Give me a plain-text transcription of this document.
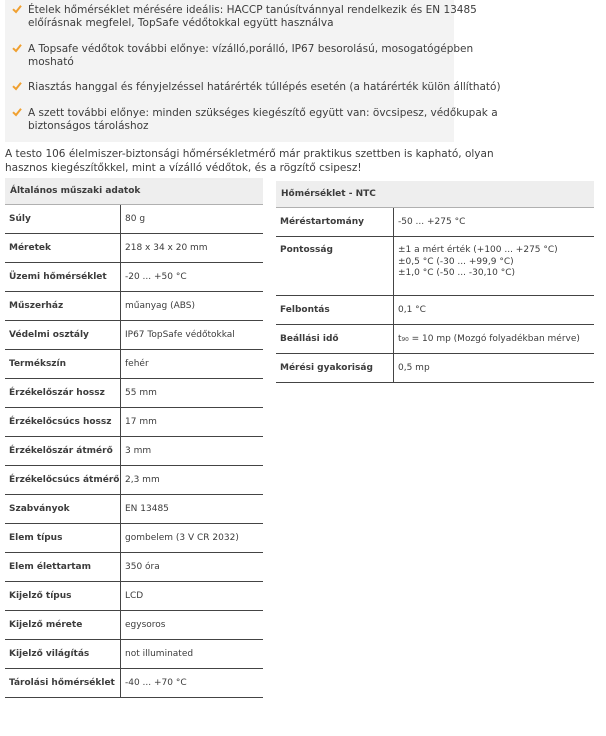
Ételek hőmérséklet mérésére ideális: HACCP tanúsítvánnyal rendelkezik és EN 13485
előírásnak megfelel, TopSafe védőtokkal együtt használva
A Topsafe védőtok további előnye: vízálló,porálló, IP67 besorolású, mosogatógépben
mosható
Riasztás hanggal és fényjelzéssel határérték túllépés esetén (a határérték külön állítható)
A szett további előnye: minden szükséges kiegészítő együtt van: övcsipesz, védőkupak a
biztonságos tároláshoz
A testo 106 élelmiszer-biztonsági hőmérsékletmérő már praktikus szettben is kapható, olyan
hasznos kiegészítőkkel, mint a vízálló védőtok, és a rögzítő csipesz!
Általános műszaki adatok	
Súly	80 g
Méretek	218 x 34 x 20 mm
Üzemi hőmérséklet	-20 ... +50 °C
Műszerház	műanyag (ABS)
Védelmi osztály	IP67 TopSafe védőtokkal
Termékszín	fehér
Érzékelőszár hossz	55 mm
Érzékelőcsúcs hossz	17 mm
Érzékelőszár átmérő	3 mm
Érzékelőcsúcs átmérő	2,3 mm
Szabványok	EN 13485
Elem típus	gombelem (3 V CR 2032)
Elem élettartam	350 óra
Kijelző típus	LCD
Kijelző mérete	egysoros
Kijelző világítás	not illuminated
Tárolási hőmérséklet	-40 ... +70 °C
Hőmérséklet - NTC	
Méréstartomány	-50 ... +275 °C
Pontosság	±1 a mért érték (+100 ... +275 °C)
±0,5 °C (-30 ... +99,9 °C)
±1,0 °C (-50 ... -30,10 °C)

Felbontás	0,1 °C
Beállási idő	t₉₀ = 10 mp (Mozgó folyadékban mérve)
Mérési gyakoriság	0,5 mp
